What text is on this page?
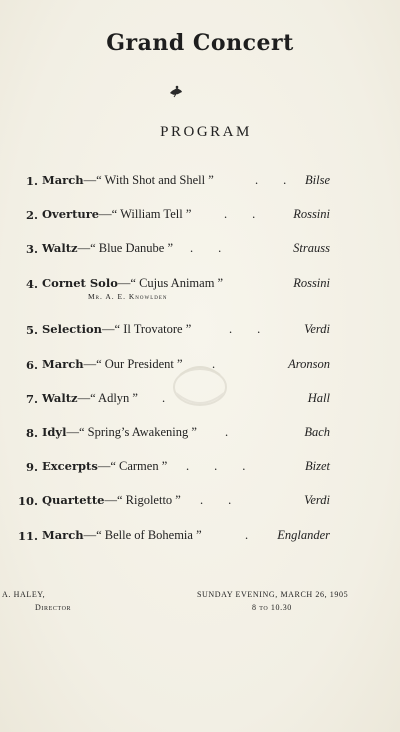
Grand Concert
PROGRAM
1. March—“ With Shot and Shell ”	.        . Bilse
2. Overture—“ William Tell ”	.        .	Rossini
3. Waltz—“ Blue Danube ” .        .	Strauss
4. Cornet Solo—“ Cujus Animam ”	Rossini
5. Selection—“ Il Trovatore ”	.        .	Verdi
6. March—“ Our President ” .	Aronson
7. Waltz—“ Adlyn ” .	Hall
8. Idyl—“ Spring’s Awakening ” .	Bach
9. Excerpts—“ Carmen ” .        .        .	Bizet
10. Quartette—“ Rigoletto ” .        .	Verdi
11. March—“ Belle of Bohemia ”	. Englander
Mr. A. E. Knowlden
A. HALEY,
Director
SUNDAY EVENING, MARCH 26, 1905
8 to 10.30
